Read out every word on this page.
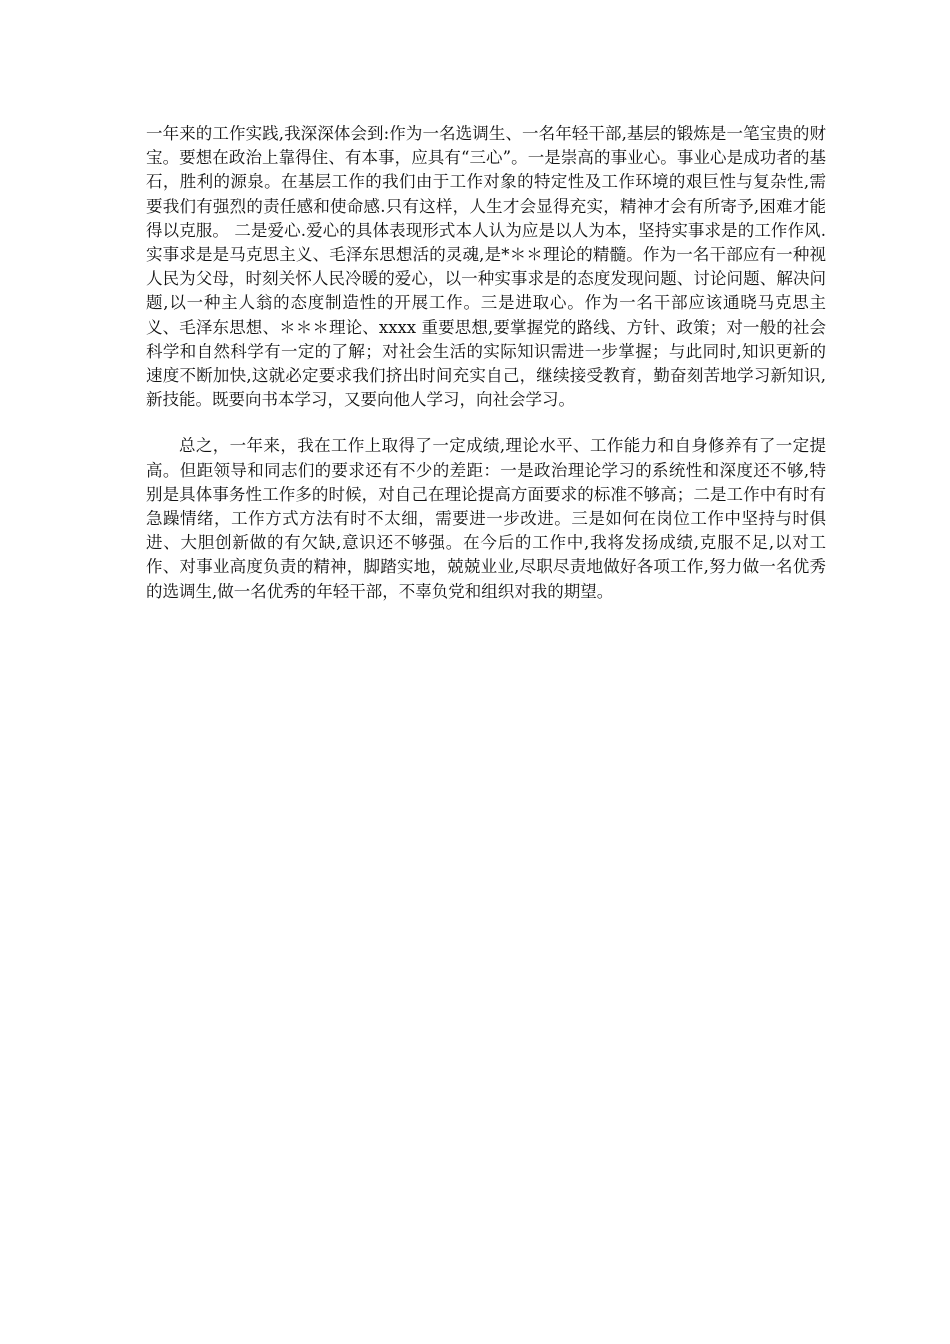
一年来的工作实践,我深深体会到:作为一名选调生、一名年轻干部,基层的锻炼是一笔宝贵的财宝。要想在政治上靠得住、有本事，应具有“三心”。一是崇高的事业心。事业心是成功者的基石，胜利的源泉。在基层工作的我们由于工作对象的特定性及工作环境的艰巨性与复杂性,需要我们有强烈的责任感和使命感.只有这样，人生才会显得充实，精神才会有所寄予,困难才能得以克服。 二是爱心.爱心的具体表现形式本人认为应是以人为本，坚持实事求是的工作作风.实事求是是马克思主义、毛泽东思想活的灵魂,是*＊＊理论的精髓。作为一名干部应有一种视人民为父母，时刻关怀人民冷暖的爱心，以一种实事求是的态度发现问题、讨论问题、解决问题,以一种主人翁的态度制造性的开展工作。三是进取心。作为一名干部应该通晓马克思主义、毛泽东思想、＊＊＊理论、xxxx 重要思想,要掌握党的路线、方针、政策；对一般的社会科学和自然科学有一定的了解；对社会生活的实际知识需进一步掌握；与此同时,知识更新的速度不断加快,这就必定要求我们挤出时间充实自己，继续接受教育，勤奋刻苦地学习新知识,新技能。既要向书本学习，又要向他人学习，向社会学习。

总之，一年来，我在工作上取得了一定成绩,理论水平、工作能力和自身修养有了一定提高。但距领导和同志们的要求还有不少的差距：一是政治理论学习的系统性和深度还不够,特别是具体事务性工作多的时候，对自己在理论提高方面要求的标准不够高；二是工作中有时有急躁情绪，工作方式方法有时不太细，需要进一步改进。三是如何在岗位工作中坚持与时俱进、大胆创新做的有欠缺,意识还不够强。在今后的工作中,我将发扬成绩,克服不足,以对工作、对事业高度负责的精神，脚踏实地，兢兢业业,尽职尽责地做好各项工作,努力做一名优秀的选调生,做一名优秀的年轻干部，不辜负党和组织对我的期望。
